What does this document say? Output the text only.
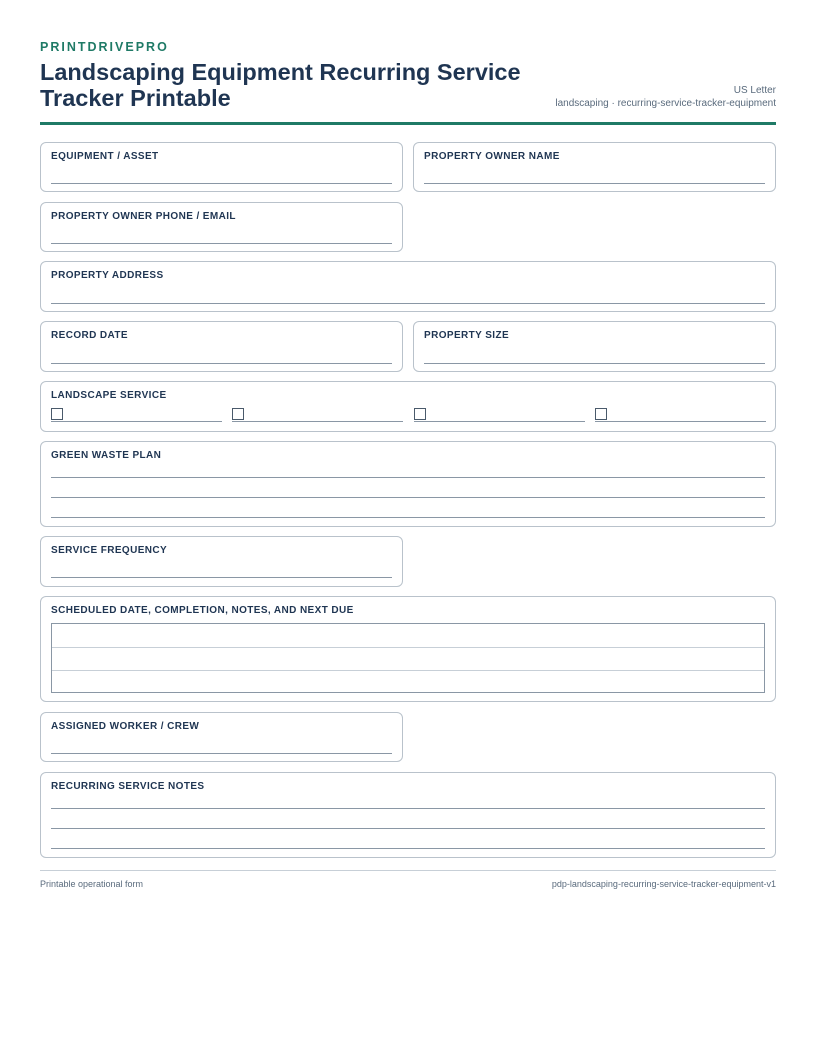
PRINTDRIVEPRO
Landscaping Equipment Recurring Service Tracker Printable	US Letter
landscaping · recurring-service-tracker-equipment
EQUIPMENT / ASSET	PROPERTY OWNER NAME
PROPERTY OWNER PHONE / EMAIL
PROPERTY ADDRESS
RECORD DATE	PROPERTY SIZE
LANDSCAPE SERVICE
GREEN WASTE PLAN
SERVICE FREQUENCY
SCHEDULED DATE, COMPLETION, NOTES, AND NEXT DUE
ASSIGNED WORKER / CREW
RECURRING SERVICE NOTES
Printable operational form	pdp-landscaping-recurring-service-tracker-equipment-v1
